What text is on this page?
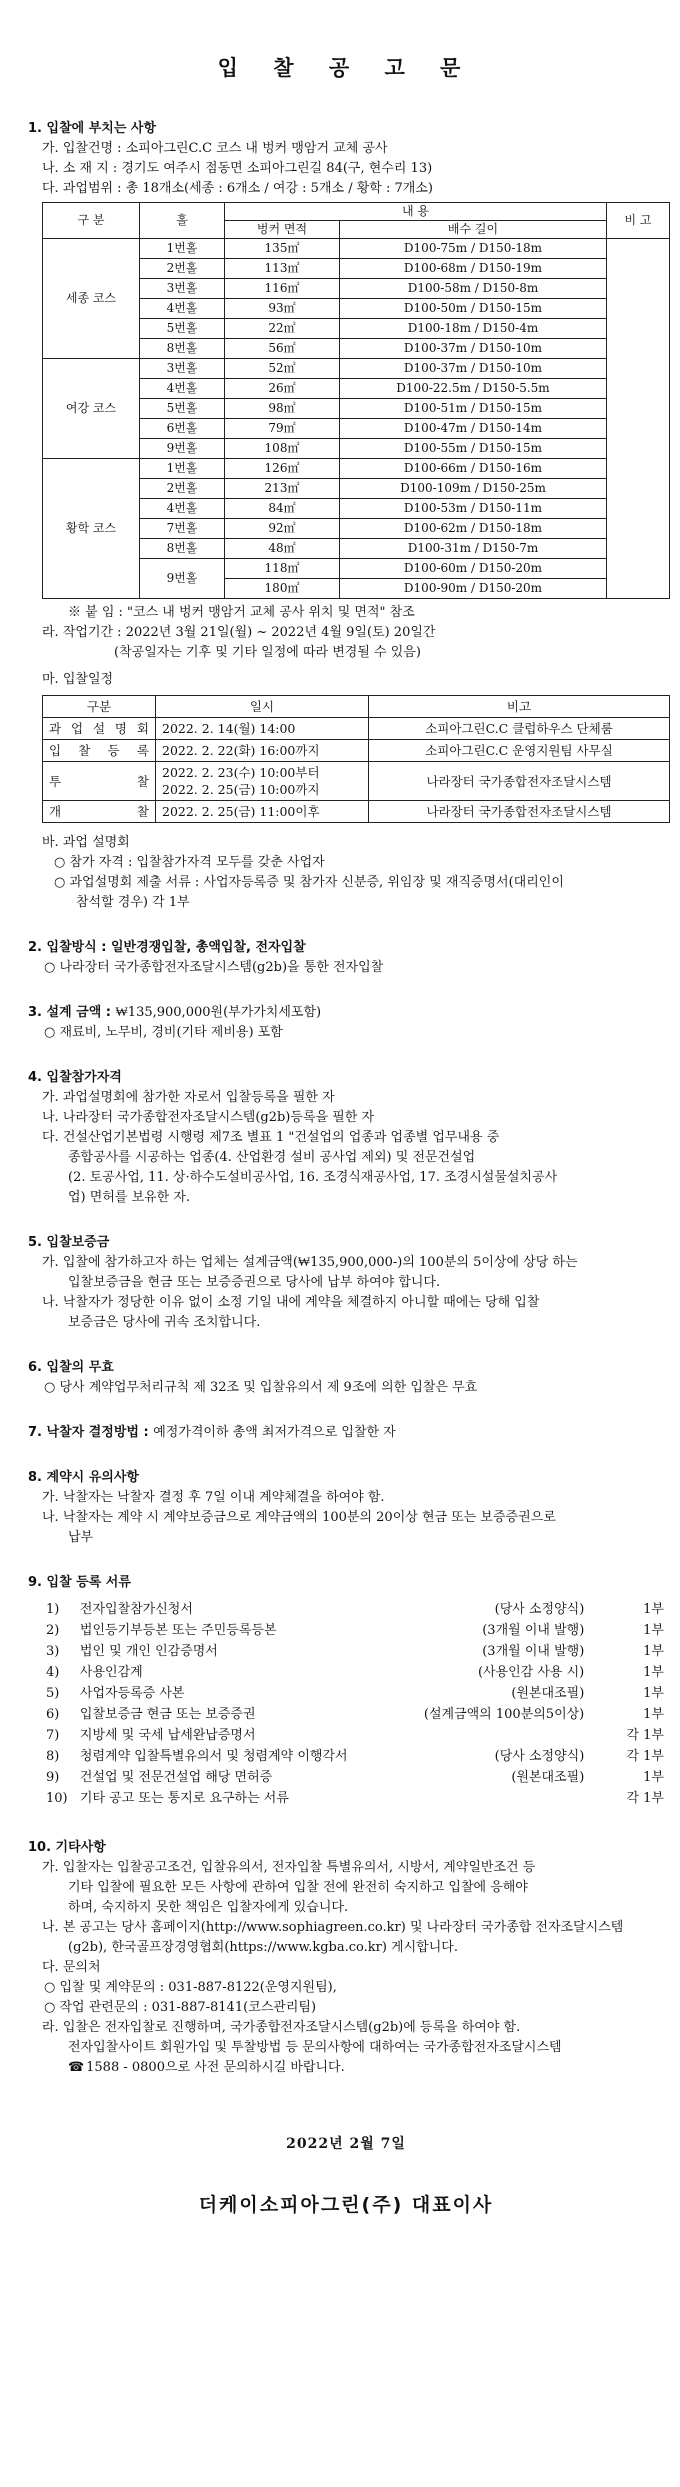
입 찰 공 고 문
1. 입찰에 부치는 사항
가. 입찰건명 : 소피아그린C.C 코스 내 벙커 맹암거 교체 공사
나. 소 재 지 : 경기도 여주시 점동면 소피아그린길 84(구, 현수리 13)
다. 과업범위 : 총 18개소(세종 : 6개소 / 여강 : 5개소 / 황학 : 7개소)
구 분	홀	내 용		비 고
		벙커 면적	배수 길이	
세종 코스	1번홀	135㎡	D100-75m / D150-18m	
	2번홀	113㎡	D100-68m / D150-19m	
	3번홀	116㎡	D100-58m / D150-8m	
	4번홀	93㎡	D100-50m / D150-15m	
	5번홀	22㎡	D100-18m / D150-4m	
	8번홀	56㎡	D100-37m / D150-10m	
여강 코스	3번홀	52㎡	D100-37m / D150-10m	
	4번홀	26㎡	D100-22.5m / D150-5.5m	
	5번홀	98㎡	D100-51m / D150-15m	
	6번홀	79㎡	D100-47m / D150-14m	
	9번홀	108㎡	D100-55m / D150-15m	
황학 코스	1번홀	126㎡	D100-66m / D150-16m	
	2번홀	213㎡	D100-109m / D150-25m	
	4번홀	84㎡	D100-53m / D150-11m	
	7번홀	92㎡	D100-62m / D150-18m	
	8번홀	48㎡	D100-31m / D150-7m	
	9번홀	118㎡	D100-60m / D150-20m	
		180㎡	D100-90m / D150-20m	
※ 붙 임 : "코스 내 벙커 맹암거 교체 공사 위치 및 면적" 참조
라. 작업기간 : 2022년 3월 21일(월) ~ 2022년 4월 9일(토) 20일간
(착공일자는 기후 및 기타 일정에 따라 변경될 수 있음)
마. 입찰일정
구분	일시	비고
과 업 설 명 회	2022. 2. 14(월) 14:00	소피아그린C.C 클럽하우스 단체룸
입 찰 등 록	2022. 2. 22(화) 16:00까지	소피아그린C.C 운영지원팀 사무실
투 찰	2022. 2. 23(수) 10:00부터
2022. 2. 25(금) 10:00까지	나라장터 국가종합전자조달시스템
개 찰	2022. 2. 25(금) 11:00이후	나라장터 국가종합전자조달시스템
바. 과업 설명회
○ 참가 자격 : 입찰참가자격 모두를 갖춘 사업자
○ 과업설명회 제출 서류 : 사업자등록증 및 참가자 신분증, 위임장 및 재직증명서(대리인이
참석할 경우) 각 1부
2. 입찰방식 : 일반경쟁입찰, 총액입찰, 전자입찰
○ 나라장터 국가종합전자조달시스템(g2b)을 통한 전자입찰
3. 설계 금액 : ₩135,900,000원(부가가치세포함)
○ 재료비, 노무비, 경비(기타 제비용) 포함
4. 입찰참가자격
가. 과업설명회에 참가한 자로서 입찰등록을 필한 자
나. 나라장터 국가종합전자조달시스템(g2b)등록을 필한 자
다. 건설산업기본법령 시행령 제7조 별표 1 "건설업의 업종과 업종별 업무내용 중
종합공사를 시공하는 업종(4. 산업환경 설비 공사업 제외) 및 전문건설업
(2. 토공사업, 11. 상·하수도설비공사업, 16. 조경식재공사업, 17. 조경시설물설치공사
업) 면허를 보유한 자.
5. 입찰보증금
가. 입찰에 참가하고자 하는 업체는 설계금액(₩135,900,000-)의 100분의 5이상에 상당 하는
입찰보증금을 현금 또는 보증증권으로 당사에 납부 하여야 합니다.
나. 낙찰자가 정당한 이유 없이 소정 기일 내에 계약을 체결하지 아니할 때에는 당해 입찰
보증금은 당사에 귀속 조치합니다.
6. 입찰의 무효
○ 당사 계약업무처리규칙 제 32조 및 입찰유의서 제 9조에 의한 입찰은 무효
7. 낙찰자 결정방법 : 예정가격이하 총액 최저가격으로 입찰한 자
8. 계약시 유의사항
가. 낙찰자는 낙찰자 결정 후 7일 이내 계약체결을 하여야 함.
나. 낙찰자는 계약 시 계약보증금으로 계약금액의 100분의 20이상 현금 또는 보증증권으로
납부
9. 입찰 등록 서류
1)	전자입찰참가신청서	(당사 소정양식)	1부
2)	법인등기부등본 또는 주민등록등본	(3개월 이내 발행)	1부
3)	법인 및 개인 인감증명서	(3개월 이내 발행)	1부
4)	사용인감계	(사용인감 사용 시)	1부
5)	사업자등록증 사본	(원본대조필)	1부
6)	입찰보증금 현금 또는 보증증권	(설계금액의 100분의5이상)	1부
7)	지방세 및 국세 납세완납증명서	각 1부
8)	청렴계약 입찰특별유의서 및 청렴계약 이행각서	(당사 소정양식)	각 1부
9)	건설업 및 전문건설업 해당 면허증	(원본대조필)	1부
10) 기타 공고 또는 통지로 요구하는 서류	각 1부
10. 기타사항
가. 입찰자는 입찰공고조건, 입찰유의서, 전자입찰 특별유의서, 시방서, 계약일반조건 등
기타 입찰에 필요한 모든 사항에 관하여 입찰 전에 완전히 숙지하고 입찰에 응해야
하며, 숙지하지 못한 책임은 입찰자에게 있습니다.
나. 본 공고는 당사 홈페이지(http://www.sophiagreen.co.kr) 및 나라장터 국가종합 전자조달시스템
(g2b), 한국골프장경영협회(https://www.kgba.co.kr) 게시합니다.
다. 문의처
○ 입찰 및 계약문의 : 031-887-8122(운영지원팀),
○ 작업 관련문의 : 031-887-8141(코스관리팀)
라. 입찰은 전자입찰로 진행하며, 국가종합전자조달시스템(g2b)에 등록을 하여야 함.
전자입찰사이트 회원가입 및 투찰방법 등 문의사항에 대하여는 국가종합전자조달시스템
☎ 1588 - 0800으로 사전 문의하시길 바랍니다.
2022년 2월 7일
더케이소피아그린(주) 대표이사
